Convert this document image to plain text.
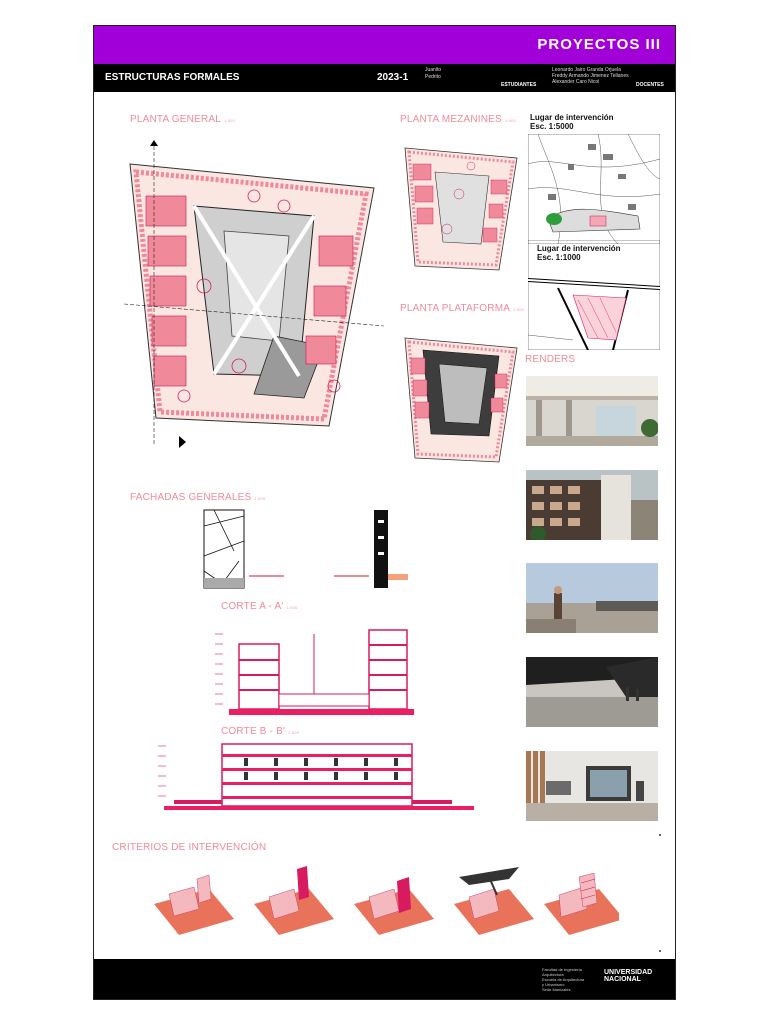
PROYECTOS III
ESTRUCTURAS FORMALES	2023-1
Juanito
Pedrito
Leonardo Jairo Granda Orjuela
Freddy Armando Jimenez Tellanes
Alexander Caro Nicoi
ESTUDIANTES	DOCENTES
PLANTA GENERAL 1:500	PLANTA MEZANINES 1:500
PLANTA PLATAFORMA 1:500
Lugar de intervención
Esc. 1:5000
Lugar de intervención
Esc. 1:1000
RENDERS

FACHADAS GENERALES 1:500
CORTE A - A' 1:500
CORTE B - B' 1:500
CRITERIOS DE INTERVENCIÓN
Facultad de Ingeniería
Arquitectura
Escuela de Arquitectura
y Urbanismo
Sede Manizales
UNIVERSIDAD NACIONAL
